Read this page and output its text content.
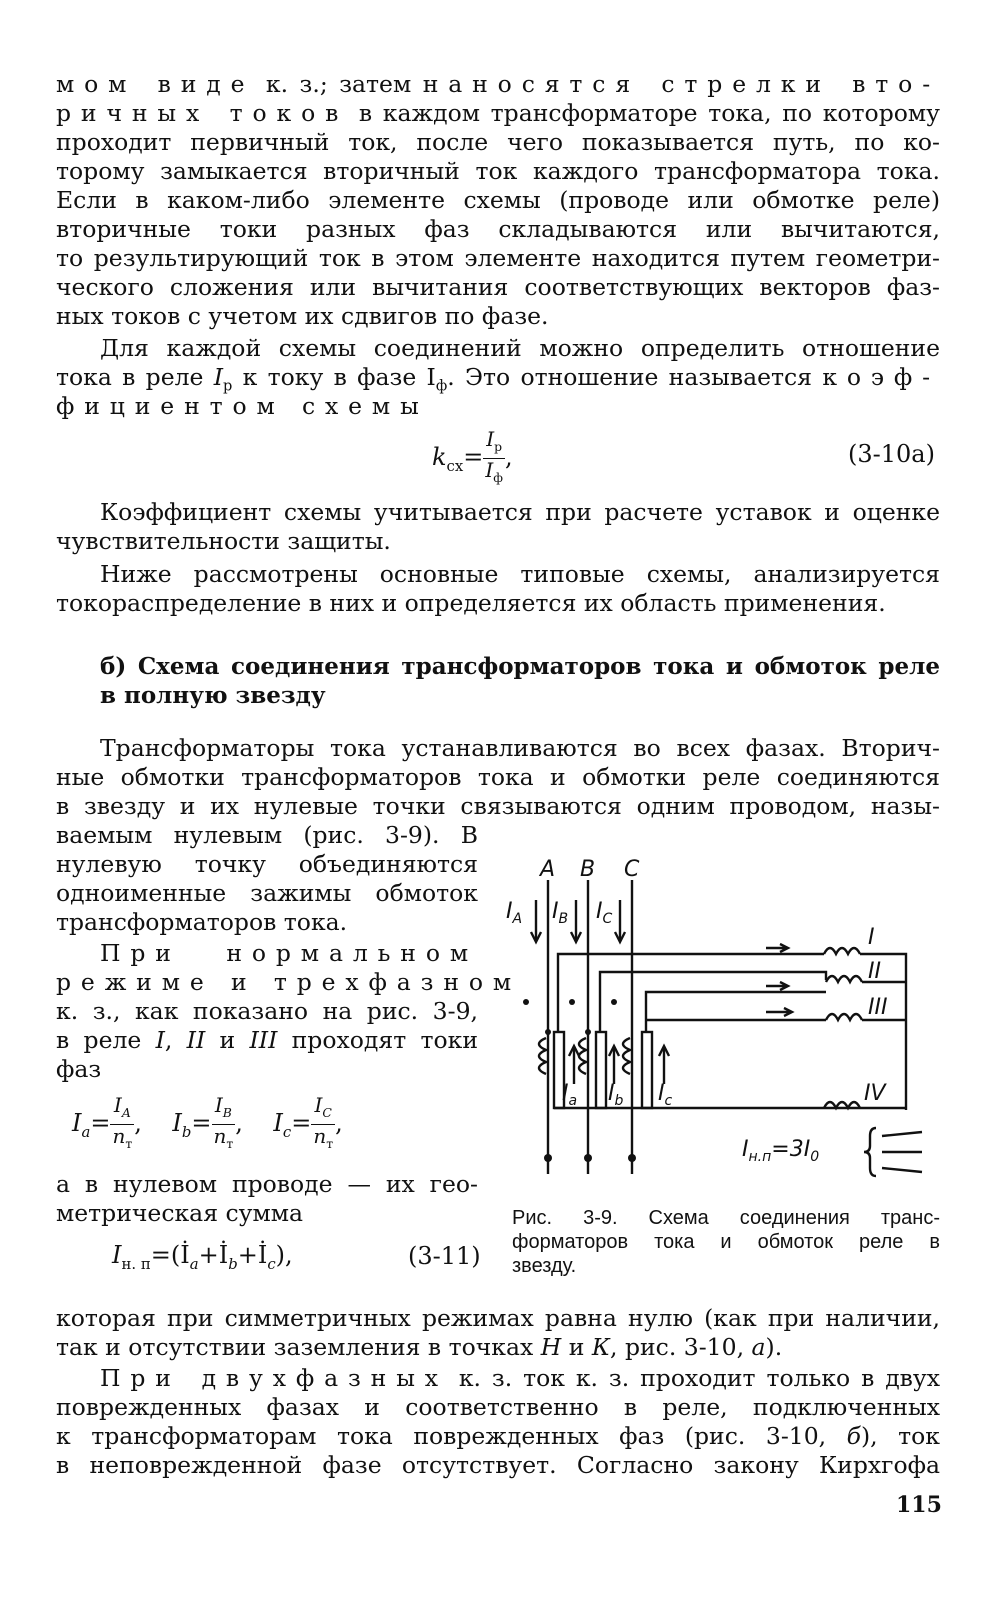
мом виде к. з.; затем наносятся стрелки вто-
ричных токов в каждом трансформаторе тока, по которому
проходит первичный ток, после чего показывается путь, по ко-
торому замыкается вторичный ток каждого трансформатора тока.
Если в каком-либо элементе схемы (проводе или обмотке реле)
вторичные токи разных фаз складываются или вычитаются,
то результирующий ток в этом элементе находится путем геометри-
ческого сложения или вычитания соответствующих векторов фаз-
ных токов с учетом их сдвигов по фазе.
Для каждой схемы соединений можно определить отношение
тока в реле $I_р$ к току в фазе $I_ф$. Это отношение называется коэф-
фициентом схемы
$k_{сх}= \frac{I_р}{I_ф}$ ,	(3-10а)
Коэффициент схемы учитывается при расчете уставок и оценке
чувствительности защиты.
Ниже рассмотрены основные типовые схемы, анализируется
токораспределение в них и определяется их область применения.
б) Схема соединения трансформаторов тока и обмоток реле
в полную звезду
Трансформаторы тока устанавливаются во всех фазах. Вторич-
ные обмотки трансформаторов тока и обмотки реле соединяются
в звезду и их нулевые точки связываются одним проводом, назы-
ваемым нулевым (рис. 3-9). В
нулевую точку объединяются
одноименные зажимы обмоток
трансформаторов тока.
При нормальном
режиме и трехфазном
к. з., как показано на рис. 3-9,
в реле I, II и III проходят токи
фаз
$I_a= \frac{I_A}{n_т}$ ,    $I_b= \frac{I_B}{n_т}$ ,    $I_c= \frac{I_C}{n_т}$ ,
а в нулевом проводе — их гео-
метрическая сумма
$I_{н. п}=(İ_a+İ_b+İ_c)$,	(3-11)
A B C
$I_A$ $I_B$ $I_C$
$I_a$ $I_b$ $I_c$
I
II
III
IV
$I_{н.п}=3I_0$
Рис. 3-9. Схема соединения транс-
форматоров тока и обмоток реле в
звезду.
которая при симметричных режимах равна нулю (как при наличии,
так и отсутствии заземления в точках Н и К, рис. 3-10, а).
При двухфазных к. з. ток к. з. проходит только в двух
поврежденных фазах и соответственно в реле, подключенных
к трансформаторам тока поврежденных фаз (рис. 3-10, б), ток
в неповрежденной фазе отсутствует. Согласно закону Кирхгофа
115
